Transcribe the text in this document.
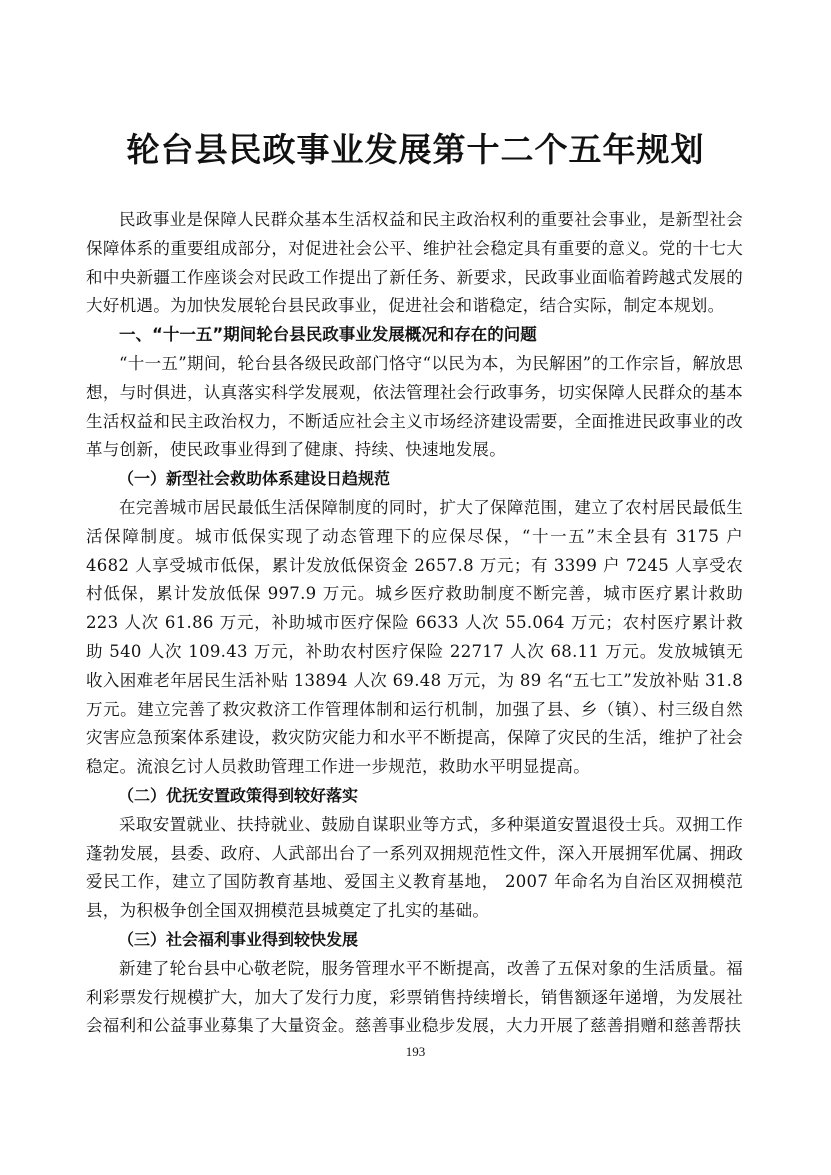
轮台县民政事业发展第十二个五年规划

民政事业是保障人民群众基本生活权益和民主政治权利的重要社会事业，是新型社会保障体系的重要组成部分，对促进社会公平、维护社会稳定具有重要的意义。党的十七大和中央新疆工作座谈会对民政工作提出了新任务、新要求，民政事业面临着跨越式发展的大好机遇。为加快发展轮台县民政事业，促进社会和谐稳定，结合实际，制定本规划。

一、“十一五”期间轮台县民政事业发展概况和存在的问题

“十一五”期间，轮台县各级民政部门恪守“以民为本，为民解困”的工作宗旨，解放思想，与时俱进，认真落实科学发展观，依法管理社会行政事务，切实保障人民群众的基本生活权益和民主政治权力，不断适应社会主义市场经济建设需要，全面推进民政事业的改革与创新，使民政事业得到了健康、持续、快速地发展。

（一）新型社会救助体系建设日趋规范

在完善城市居民最低生活保障制度的同时，扩大了保障范围，建立了农村居民最低生活保障制度。城市低保实现了动态管理下的应保尽保，“十一五”末全县有 3175 户 4682 人享受城市低保，累计发放低保资金 2657.8 万元；有 3399 户 7245 人享受农村低保，累计发放低保 997.9 万元。城乡医疗救助制度不断完善，城市医疗累计救助 223 人次 61.86 万元，补助城市医疗保险 6633 人次 55.064 万元；农村医疗累计救助 540 人次 109.43 万元，补助农村医疗保险 22717 人次 68.11 万元。发放城镇无收入困难老年居民生活补贴 13894 人次 69.48 万元，为 89 名“五七工”发放补贴 31.8 万元。建立完善了救灾救济工作管理体制和运行机制，加强了县、乡（镇）、村三级自然灾害应急预案体系建设，救灾防灾能力和水平不断提高，保障了灾民的生活，维护了社会稳定。流浪乞讨人员救助管理工作进一步规范，救助水平明显提高。

（二）优抚安置政策得到较好落实

采取安置就业、扶持就业、鼓励自谋职业等方式，多种渠道安置退役士兵。双拥工作蓬勃发展，县委、政府、人武部出台了一系列双拥规范性文件，深入开展拥军优属、拥政爱民工作，建立了国防教育基地、爱国主义教育基地， 2007 年命名为自治区双拥模范县，为积极争创全国双拥模范县城奠定了扎实的基础。

（三）社会福利事业得到较快发展

新建了轮台县中心敬老院，服务管理水平不断提高，改善了五保对象的生活质量。福利彩票发行规模扩大，加大了发行力度，彩票销售持续增长，销售额逐年递增，为发展社会福利和公益事业募集了大量资金。慈善事业稳步发展，大力开展了慈善捐赠和慈善帮扶

193
